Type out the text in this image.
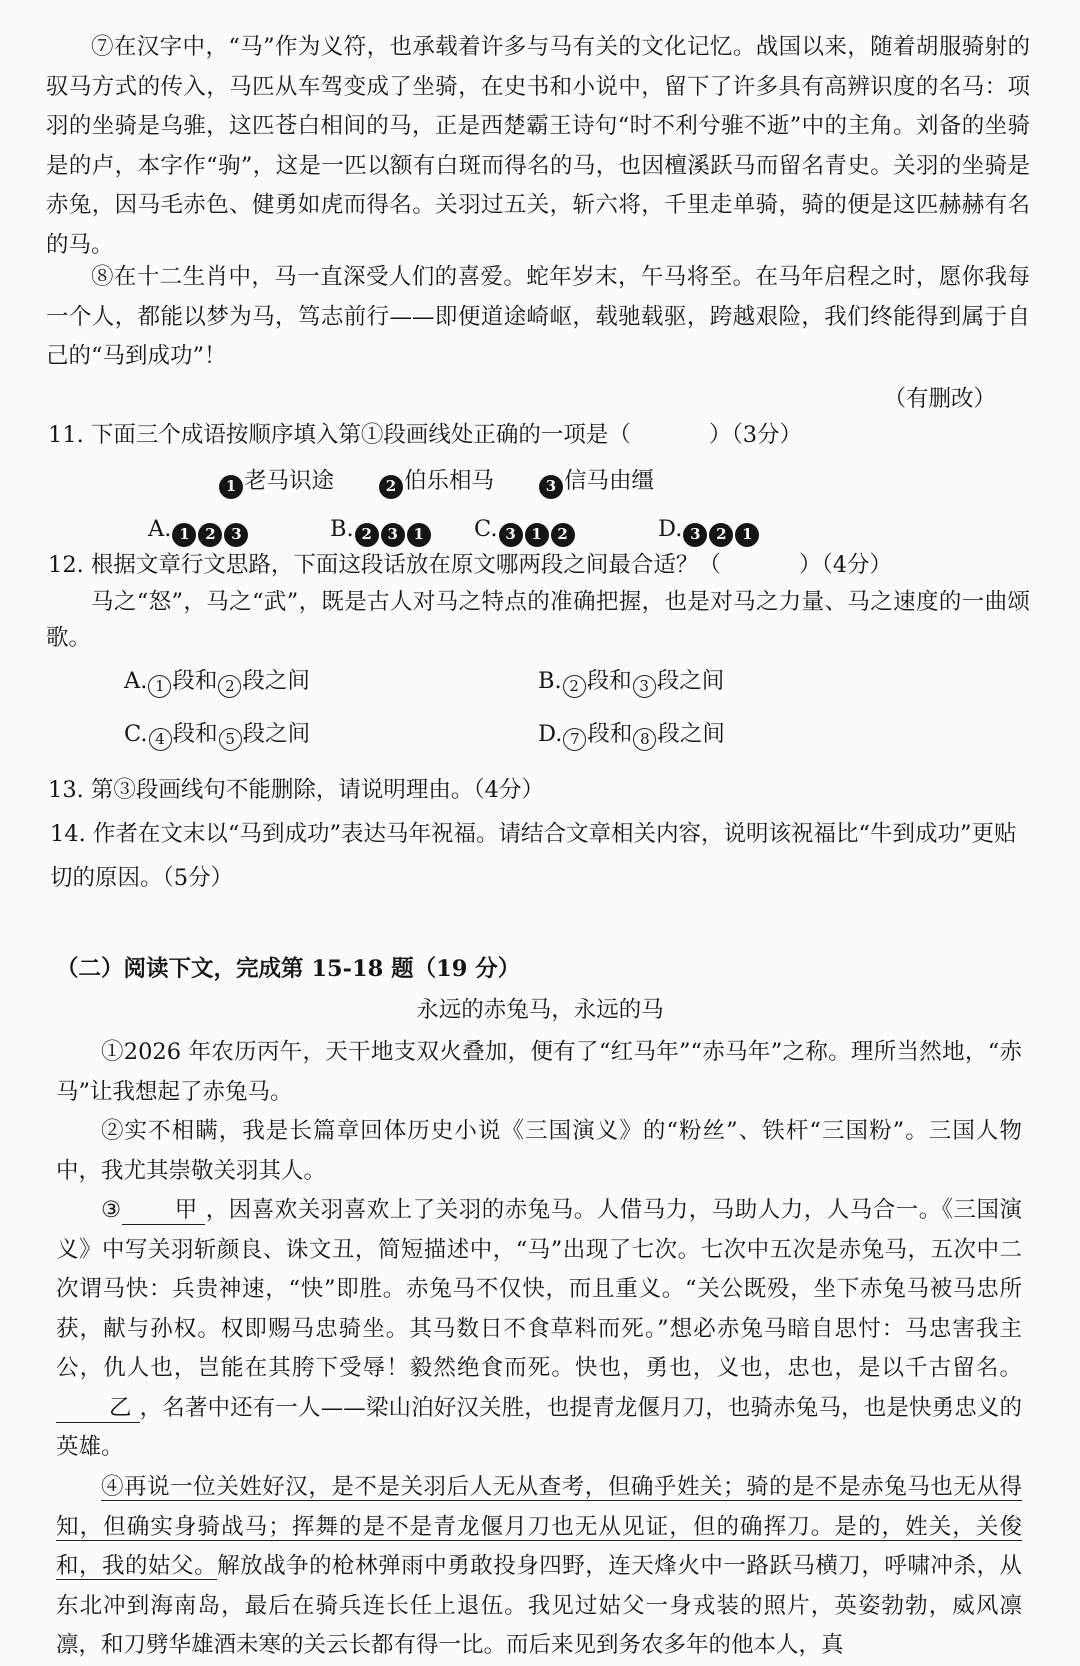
⑦在汉字中，“马”作为义符，也承载着许多与马有关的文化记忆。战国以来，随着胡服骑射的驭马方式的传入，马匹从车驾变成了坐骑，在史书和小说中，留下了许多具有高辨识度的名马：项羽的坐骑是乌骓，这匹苍白相间的马，正是西楚霸王诗句“时不利兮骓不逝”中的主角。刘备的坐骑是的卢，本字作“驹”，这是一匹以额有白斑而得名的马，也因檀溪跃马而留名青史。关羽的坐骑是赤兔，因马毛赤色、健勇如虎而得名。关羽过五关，斩六将，千里走单骑，骑的便是这匹赫赫有名的马。

⑧在十二生肖中，马一直深受人们的喜爱。蛇年岁末，午马将至。在马年启程之时，愿你我每一个人，都能以梦为马，笃志前行——即便道途崎岖，载驰载驱，跨越艰险，我们终能得到属于自己的“马到成功”！

（有删改）
11. 下面三个成语按顺序填入第①段画线处正确的一项是（	）（3分）
1 老马识途	2 伯乐相马	3 信马由缰
A. 1 2 3	B. 2 3 1	C. 3 1 2	D. 3 2 1
12. 根据文章行文思路，下面这段话放在原文哪两段之间最合适？（	）（4分）

马之“怒”，马之“武”，既是古人对马之特点的准确把握，也是对马之力量、马之速度的一曲颂歌。

A. 1 段和 2 段之间	B. 2 段和 3 段之间
C. 4 段和 5 段之间	D. 7 段和 8 段之间
13. 第③段画线句不能删除，请说明理由。（4分）
14. 作者在文末以“马到成功”表达马年祝福。请结合文章相关内容，说明该祝福比“牛到成功”更贴切的原因。（5分）
（二）阅读下文，完成第 15-18 题（19 分）
永远的赤兔马，永远的马

①2026 年农历丙午，天干地支双火叠加，便有了“红马年”“赤马年”之称。理所当然地，“赤马”让我想起了赤兔马。

②实不相瞒，我是长篇章回体历史小说《三国演义》的“粉丝”、铁杆“三国粉”。三国人物中，我尤其崇敬关羽其人。

③ 甲 ，因喜欢关羽喜欢上了关羽的赤兔马。人借马力，马助人力，人马合一。《三国演义》中写关羽斩颜良、诛文丑，简短描述中，“马”出现了七次。七次中五次是赤兔马，五次中二次谓马快：兵贵神速，“快”即胜。赤兔马不仅快，而且重义。“关公既殁，坐下赤兔马被马忠所获，献与孙权。权即赐马忠骑坐。其马数日不食草料而死。”想必赤兔马暗自思忖：马忠害我主公，仇人也，岂能在其胯下受辱！毅然绝食而死。快也，勇也，义也，忠也，是以千古留名。乙 ，名著中还有一人——梁山泊好汉关胜，也提青龙偃月刀，也骑赤兔马，也是快勇忠义的英雄。

④再说一位关姓好汉，是不是关羽后人无从查考，但确乎姓关；骑的是不是赤兔马也无从得知，但确实身骑战马；挥舞的是不是青龙偃月刀也无从见证，但的确挥刀。是的，姓关，关俊和，我的姑父。解放战争的枪林弹雨中勇敢投身四野，连天烽火中一路跃马横刀，呼啸冲杀，从东北冲到海南岛，最后在骑兵连长任上退伍。我见过姑父一身戎装的照片，英姿勃勃，威风凛凛，和刀劈华雄酒未寒的关云长都有得一比。而后来见到务农多年的他本人，真
